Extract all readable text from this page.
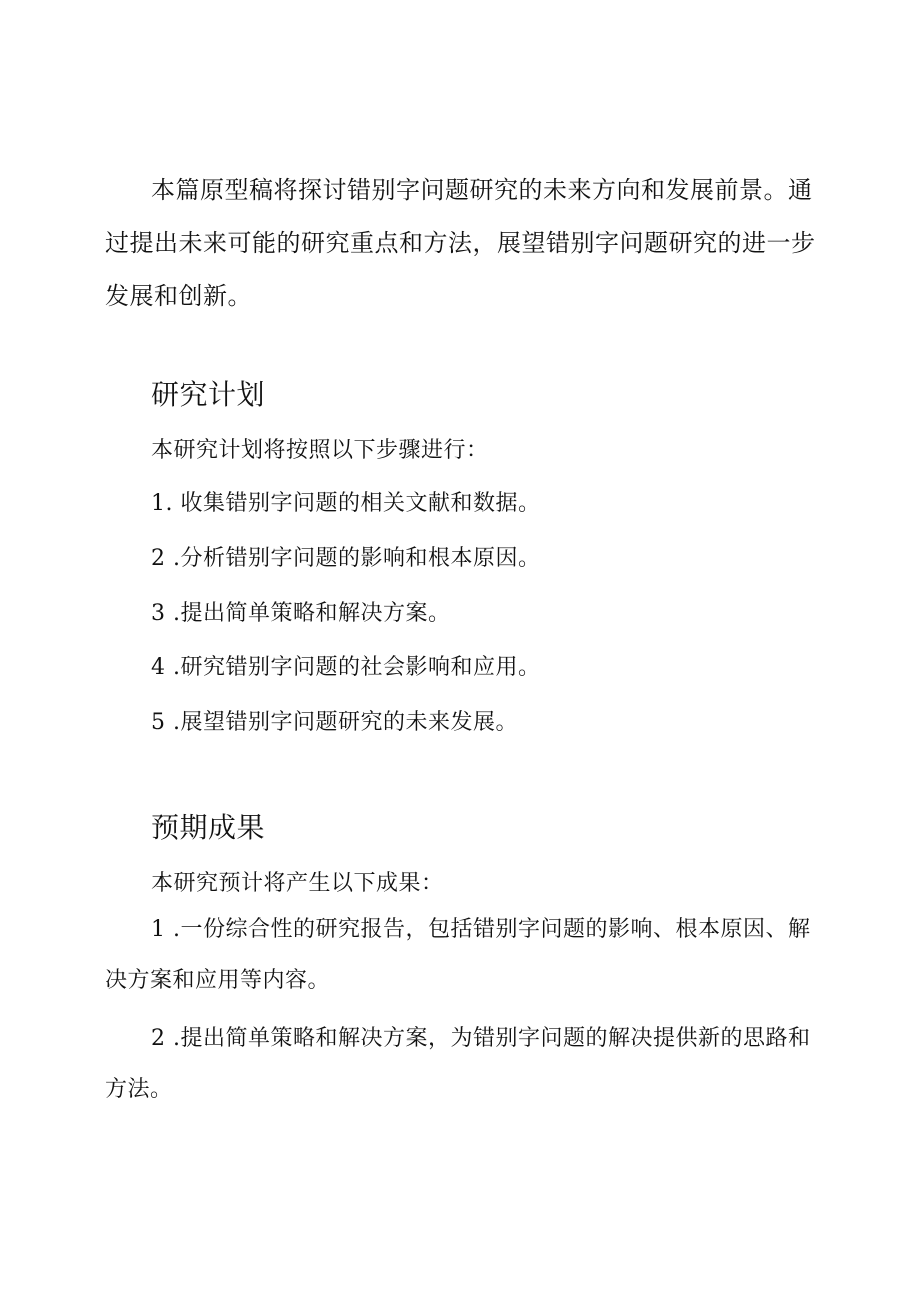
本篇原型稿将探讨错别字问题研究的未来方向和发展前景。通过提出未来可能的研究重点和方法，展望错别字问题研究的进一步发展和创新。

研究计划

本研究计划将按照以下步骤进行：

1. 收集错别字问题的相关文献和数据。

2 .分析错别字问题的影响和根本原因。

3 .提出简单策略和解决方案。

4 .研究错别字问题的社会影响和应用。

5 .展望错别字问题研究的未来发展。

预期成果

本研究预计将产生以下成果：

1 .一份综合性的研究报告，包括错别字问题的影响、根本原因、解决方案和应用等内容。

2 .提出简单策略和解决方案，为错别字问题的解决提供新的思路和方法。
